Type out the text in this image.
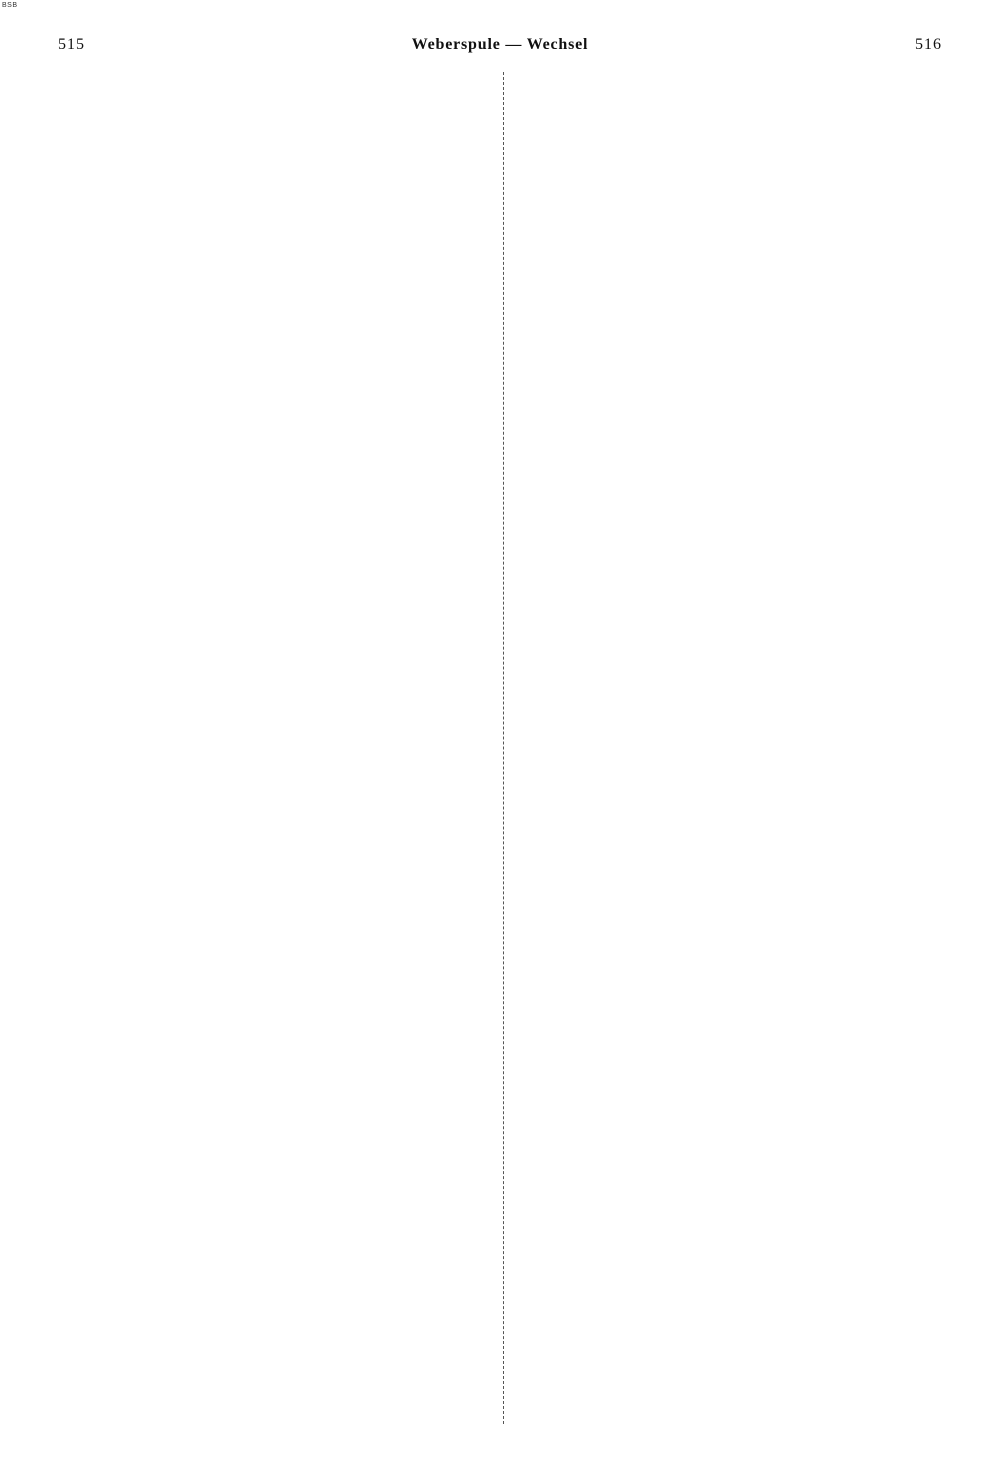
BSB
515	Weberspule — Wechsel	516
